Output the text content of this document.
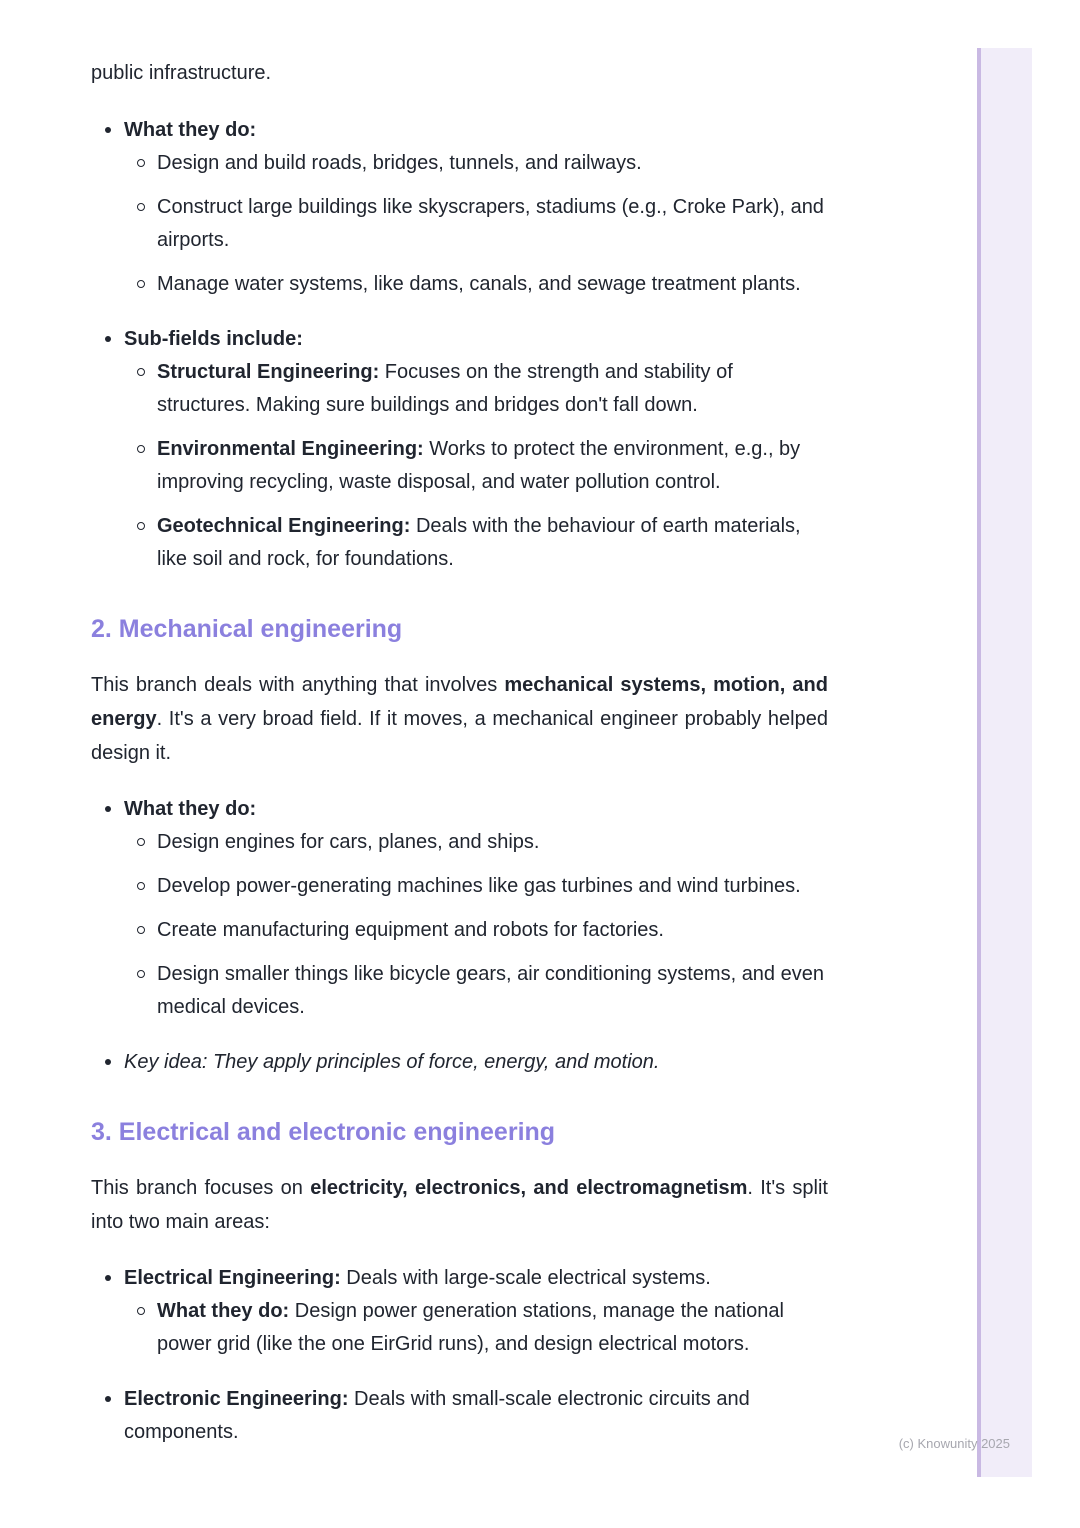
public infrastructure.

What they do:
Design and build roads, bridges, tunnels, and railways.
Construct large buildings like skyscrapers, stadiums (e.g., Croke Park), and airports.
Manage water systems, like dams, canals, and sewage treatment plants.
Sub-fields include:
Structural Engineering: Focuses on the strength and stability of structures. Making sure buildings and bridges don't fall down.
Environmental Engineering: Works to protect the environment, e.g., by improving recycling, waste disposal, and water pollution control.
Geotechnical Engineering: Deals with the behaviour of earth materials, like soil and rock, for foundations.
2. Mechanical engineering

This branch deals with anything that involves mechanical systems, motion, and energy. It's a very broad field. If it moves, a mechanical engineer probably helped design it.

What they do:
Design engines for cars, planes, and ships.
Develop power-generating machines like gas turbines and wind turbines.
Create manufacturing equipment and robots for factories.
Design smaller things like bicycle gears, air conditioning systems, and even medical devices.
Key idea: They apply principles of force, energy, and motion.
3. Electrical and electronic engineering

This branch focuses on electricity, electronics, and electromagnetism. It's split into two main areas:

Electrical Engineering: Deals with large-scale electrical systems.
What they do: Design power generation stations, manage the national power grid (like the one EirGrid runs), and design electrical motors.
Electronic Engineering: Deals with small-scale electronic circuits and components.
(c) Knowunity 2025
